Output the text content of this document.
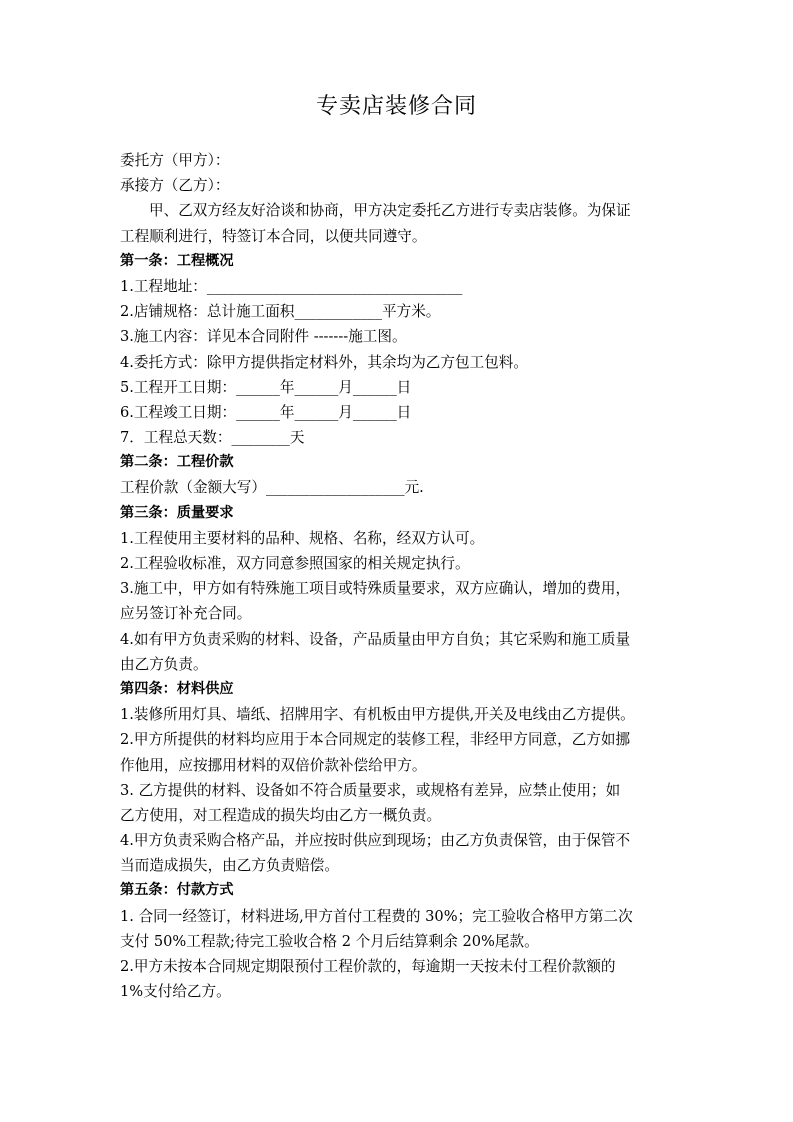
专卖店装修合同
委托方（甲方）：
承接方（乙方）：
甲、乙双方经友好洽谈和协商，甲方决定委托乙方进行专卖店装修。为保证
工程顺利进行，特签订本合同，以便共同遵守。
第一条：工程概况
1.工程地址：___________________________________
2.店铺规格：总计施工面积____________平方米。
3.施工内容：详见本合同附件 -------施工图。
4.委托方式：除甲方提供指定材料外，其余均为乙方包工包料。
5.工程开工日期：______年______月______日
6.工程竣工日期：______年______月______日
7．工程总天数：________天
第二条：工程价款
工程价款（金额大写）___________________元.
第三条：质量要求
1.工程使用主要材料的品种、规格、名称，经双方认可。
2.工程验收标准，双方同意参照国家的相关规定执行。
3.施工中，甲方如有特殊施工项目或特殊质量要求，双方应确认，增加的费用，
应另签订补充合同。
4.如有甲方负责采购的材料、设备，产品质量由甲方自负；其它采购和施工质量
由乙方负责。
第四条：材料供应
1.装修所用灯具、墙纸、招牌用字、有机板由甲方提供,开关及电线由乙方提供。
2.甲方所提供的材料均应用于本合同规定的装修工程，非经甲方同意，乙方如挪
作他用，应按挪用材料的双倍价款补偿给甲方。
3. 乙方提供的材料、设备如不符合质量要求，或规格有差异，应禁止使用；如
乙方使用，对工程造成的损失均由乙方一概负责。
4.甲方负责采购合格产品，并应按时供应到现场；由乙方负责保管，由于保管不
当而造成损失，由乙方负责赔偿。
第五条：付款方式
1. 合同一经签订，材料进场,甲方首付工程费的 30%；完工验收合格甲方第二次
支付 50%工程款;待完工验收合格 2 个月后结算剩余 20%尾款。
2.甲方未按本合同规定期限预付工程价款的，每逾期一天按未付工程价款额的
1%支付给乙方。
